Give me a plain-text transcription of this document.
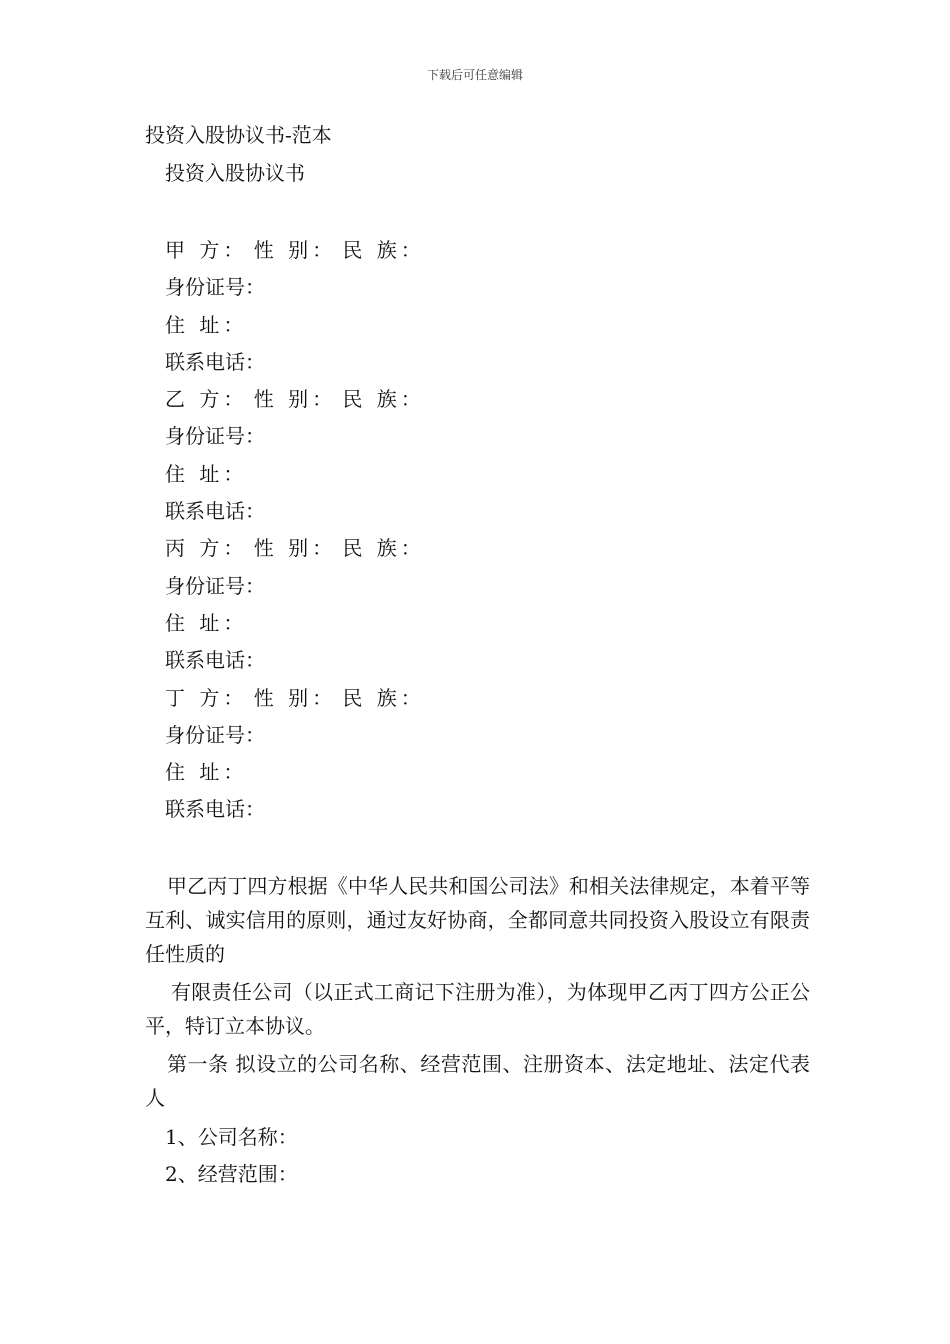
下载后可任意编辑

投资入股协议书-范本

投资入股协议书

甲 方： 性 别： 民 族：
身份证号：
住 址：
联系电话：
乙 方： 性 别： 民 族：
身份证号：
住 址：
联系电话：
丙 方： 性 别： 民 族：
身份证号：
住 址：
联系电话：
丁 方： 性 别： 民 族：
身份证号：
住 址：
联系电话：

甲乙丙丁四方根据《中华人民共和国公司法》和相关法律规定，本着平等互利、诚实信用的原则，通过友好协商，全都同意共同投资入股设立有限责任性质的

有限责任公司（以正式工商记下注册为准），为体现甲乙丙丁四方公正公平，特订立本协议。

第一条 拟设立的公司名称、经营范围、注册资本、法定地址、法定代表人

1、公司名称：
2、经营范围：
